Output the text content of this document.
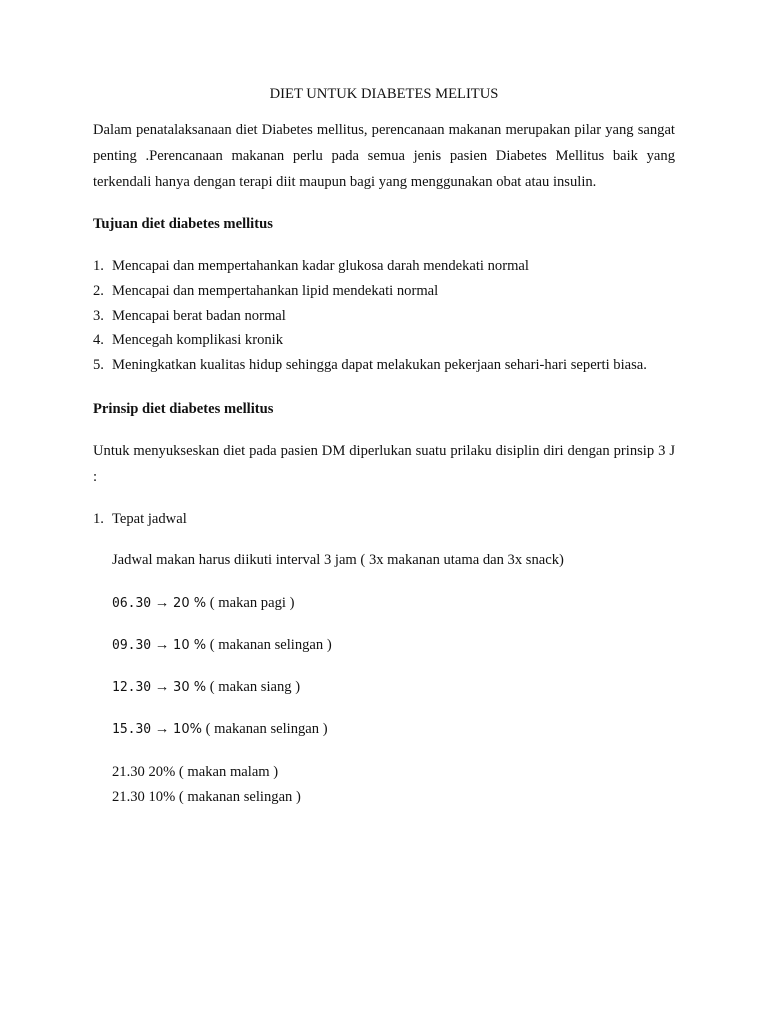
DIET UNTUK DIABETES MELITUS
Dalam penatalaksanaan diet Diabetes mellitus, perencanaan makanan merupakan pilar yang sangat penting .Perencanaan makanan perlu pada semua jenis pasien Diabetes Mellitus baik yang terkendali hanya dengan terapi diit maupun bagi yang menggunakan obat atau insulin.
Tujuan diet diabetes mellitus
1. Mencapai dan mempertahankan kadar glukosa darah mendekati normal
2. Mencapai dan mempertahankan lipid mendekati normal
3. Mencapai berat badan normal
4. Mencegah komplikasi kronik
5. Meningkatkan kualitas hidup sehingga dapat melakukan pekerjaan sehari-hari seperti biasa.
Prinsip diet diabetes mellitus
Untuk menyukseskan diet pada pasien DM diperlukan suatu prilaku disiplin diri dengan prinsip 3 J :
1. Tepat jadwal
Jadwal makan harus diikuti interval 3 jam ( 3x makanan utama dan 3x snack)
06.30 → 20 % ( makan pagi )
09.30 → 10 % ( makanan selingan )
12.30 → 30 % ( makan siang )
15.30 → 10% ( makanan selingan )
21.30 20% ( makan malam )
21.30 10% ( makanan selingan )
